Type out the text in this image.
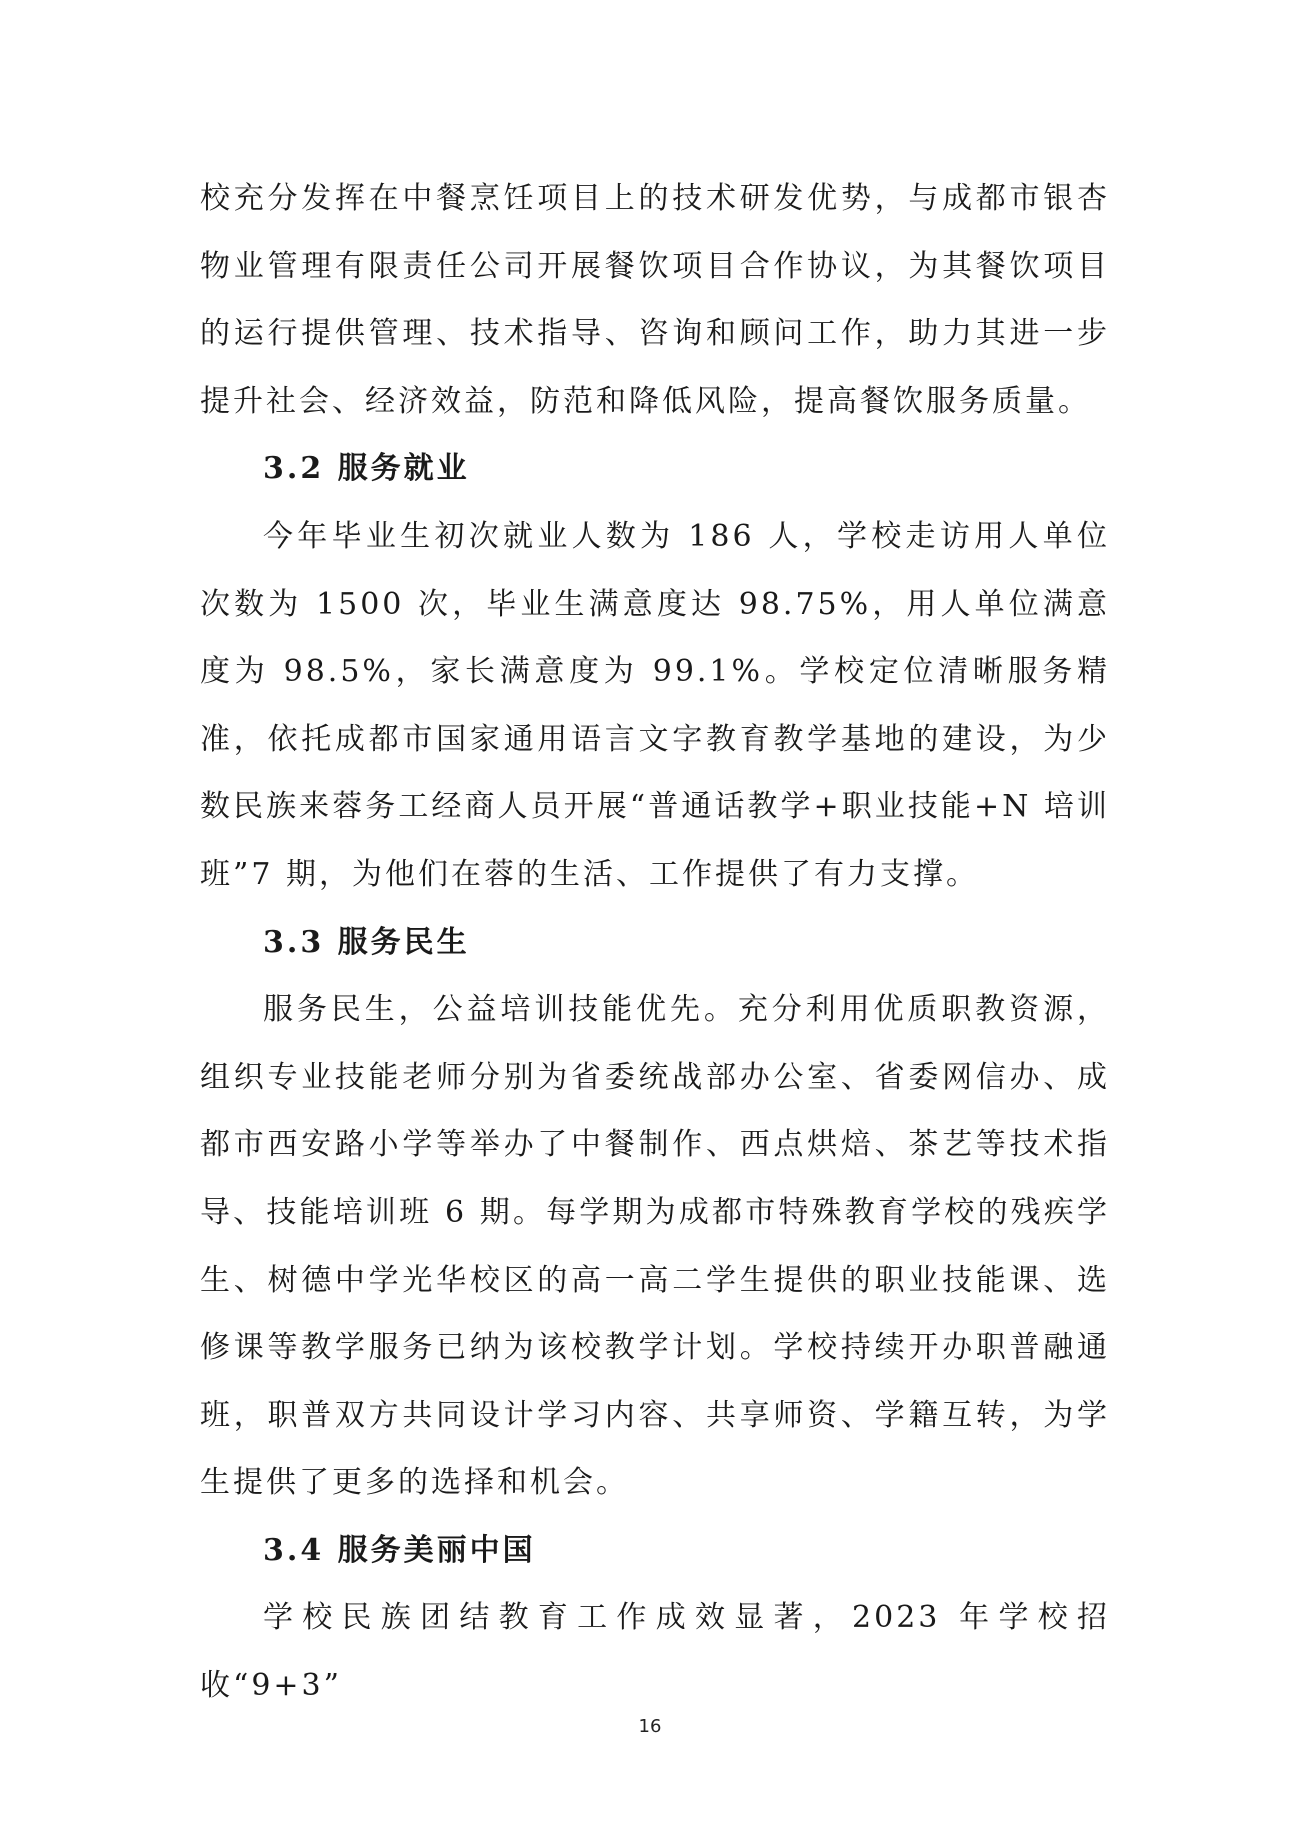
校充分发挥在中餐烹饪项目上的技术研发优势，与成都市银杏物业管理有限责任公司开展餐饮项目合作协议，为其餐饮项目的运行提供管理、技术指导、咨询和顾问工作，助力其进一步提升社会、经济效益，防范和降低风险，提高餐饮服务质量。

3.2 服务就业

今年毕业生初次就业人数为 186 人，学校走访用人单位次数为 1500 次，毕业生满意度达 98.75%，用人单位满意度为 98.5%，家长满意度为 99.1%。学校定位清晰服务精准，依托成都市国家通用语言文字教育教学基地的建设，为少数民族来蓉务工经商人员开展“普通话教学+职业技能+N 培训班”7 期，为他们在蓉的生活、工作提供了有力支撑。

3.3 服务民生

服务民生，公益培训技能优先。充分利用优质职教资源，组织专业技能老师分别为省委统战部办公室、省委网信办、成都市西安路小学等举办了中餐制作、西点烘焙、茶艺等技术指导、技能培训班 6 期。每学期为成都市特殊教育学校的残疾学生、树德中学光华校区的高一高二学生提供的职业技能课、选修课等教学服务已纳为该校教学计划。学校持续开办职普融通班，职普双方共同设计学习内容、共享师资、学籍互转，为学生提供了更多的选择和机会。

3.4 服务美丽中国

学校民族团结教育工作成效显著，2023 年学校招收“9+3”

16
